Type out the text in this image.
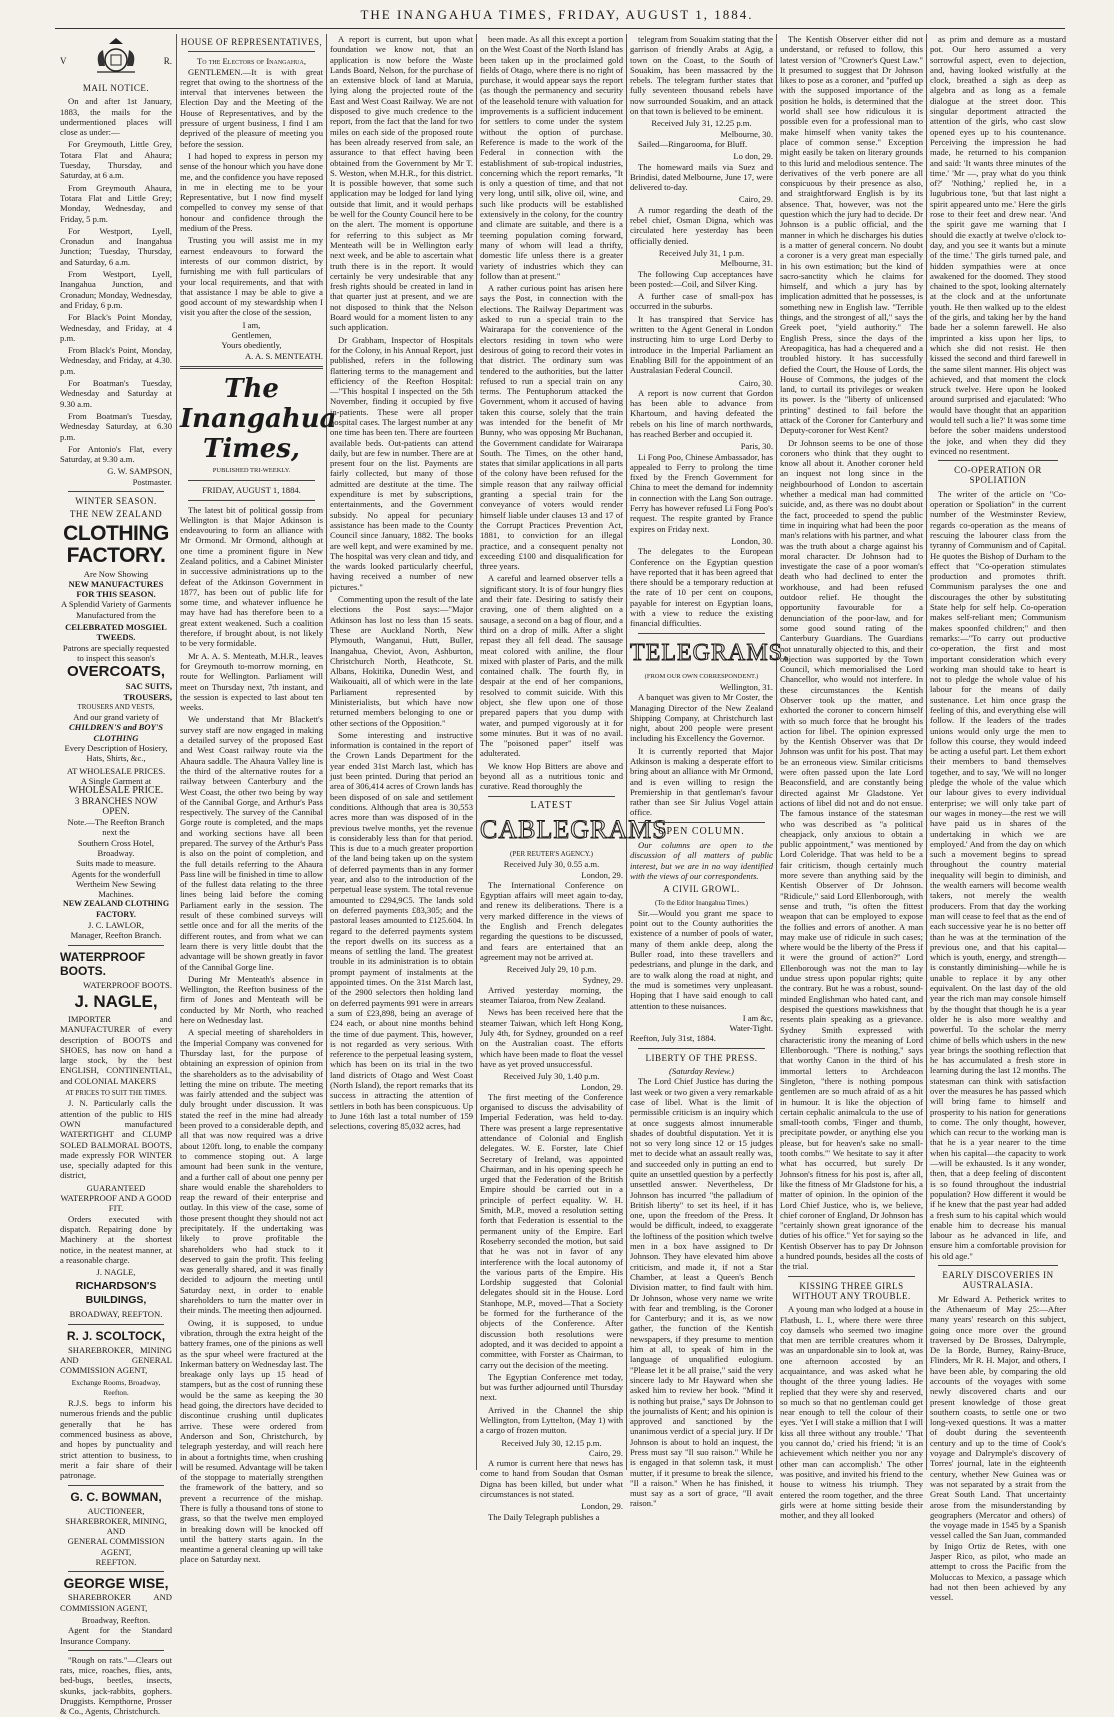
THE INANGAHUA TIMES, FRIDAY, AUGUST 1, 1884.
V	R.
MAIL NOTICE.

On and after 1st January, 1883, the mails for the undermentioned places will close as under:—

For Greymouth, Little Grey, Totara Flat and Ahaura; Tuesday, Thursday, and Saturday, at 6 a.m.

From Greymouth Ahaura, Totara Flat and Little Grey; Monday, Wednesday, and Friday, 5 p.m.

For Westport, Lyell, Cronadun and Inangahua Junction; Tuesday, Thursday, and Saturday, 6 a.m.

From Westport, Lyell, Inangahua Junction, and Cronadun; Monday, Wednesday, and Friday, 6 p.m.

For Black's Point Monday, Wednesday, and Friday, at 4 p.m.

From Black's Point, Monday, Wednesday, and Friday, at 4.30. p.m.

For Boatman's Tuesday, Wednesday and Saturday at 9.30 a.m.

From Boatman's Tuesday, Wednesday Saturday, at 6.30 p.m.

For Antonio's Flat, every Saturday, at 9.30 a.m.

G. W. SAMPSON,
Postmaster.
WINTER SEASON.
THE NEW ZEALAND
CLOTHING FACTORY.
Are Now Showing
NEW MANUFACTURES FOR THIS SEASON.

A Splendid Variety of Garments Manufactured from the

CELEBRATED MOSGIEL TWEEDS.

Patrons are specially requested to inspect this season's

OVERCOATS,
SAC SUITS,
TROUSERS,
TROUSERS AND VESTS,
And our grand variety of
CHILDREN'S and BOY'S CLOTHING

Every Description of Hosiery, Hats, Shirts, &c.,

AT WHOLESALE PRICES.
A Single Garment at
WHOLESALE PRICE.
3 BRANCHES NOW OPEN.
Note.—The Reefton Branch next the
Southern Cross Hotel, Broadway.
Suits made to measure.
Agents for the wonderfull
Wertheim New Sewing Machines.
NEW ZEALAND CLOTHING FACTORY.
J. C. LAWLOR,
Manager, Reefton Branch.
WATERPROOF BOOTS.
WATERPROOF BOOTS.
J. NAGLE,

IMPORTER and MANUFACTURER of every description of BOOTS and SHOES, has now on hand a large stock, by the best ENGLISH, CONTINENTIAL, and COLONIAL MAKERS

AT PRICES TO SUIT THE TIMES.

J. N. Particularly calls the attention of the public to HIS OWN manufactured WATERTIGHT and CLUMP SOLED BALMORAL BOOTS, made expressly FOR WINTER use, specially adapted for this district,

GUARANTEED WATERPROOF AND A GOOD FIT.

Orders executed with dispatch. Repairing done by Machinery at the shortest notice, in the neatest manner, at a reasonable charge.

J. NAGLE,
RICHARDSON'S BUILDINGS,
BROADWAY, REEFTON.
R. J. SCOLTOCK,

SHAREBROKER, MINING AND GENERAL COMMISSION AGENT,

Exchange Rooms, Broadway, Reefton.

R.J.S. begs to inform his numerous friends and the public generally that he has commenced business as above, and hopes by punctuality and strict attention to business, to merit a fair share of their patronage.

G. C. BOWMAN,
AUCTIONEER,
SHAREBROKER, MINING, AND
GENERAL COMMISSION
AGENT,
REEFTON.
GEORGE WISE,

SHAREBROKER AND COMMISSION AGENT,

Broadway, Reefton.

Agent for the Standard Insurance Company.

"Rough on rats."—Clears out rats, mice, roaches, flies, ants, bed-bugs, beetles, insects, skunks, jack-rabbits, gophers. Druggists. Kempthorne, Prosser & Co., Agents, Christchurch.

HOUSE OF REPRESENTATIVES,
To the Electors of Inangahua,

GENTLEMEN.—It is with great regret that owing to the shortness of the interval that intervenes between the Election Day and the Meeting of the House of Representatives, and by the pressure of urgent business, I find I am deprived of the pleasure of meeting you before the session.

I had hoped to express in person my sense of the honour which you have done me, and the confidence you have reposed in me in electing me to be your Representative, but I now find myself compelled to convey my sense of that honour and confidence through the medium of the Press.

Trusting you will assist me in my earnest endeavours to forward the interests of our common district, by furnishing me with full particulars of your local requirements, and that with that assistance I may be able to give a good account of my stewardship when I visit you after the close of the session,

I am,
Gentlemen,
Yours obediently,
A. A. S. MENTEATH.
The Inangahua Times,
PUBLISHED TRI-WEEKLY.
FRIDAY, AUGUST 1, 1884.

The latest bit of political gossip from Wellington is that Major Atkinson is endeavouring to form an alliance with Mr Ormond. Mr Ormond, although at one time a prominent figure in New Zealand politics, and a Cabinet Minister in successive administrations up to the defeat of the Atkinson Government in 1877, has been out of public life for some time, and whatever influence he may have had has therefore been to a great extent weakened. Such a coalition therefore, if brought about, is not likely to be very formidable.

Mr A. A. S. Menteath, M.H.R., leaves for Greymouth to-morrow morning, en route for Wellington. Parliament will meet on Thursday next, 7th instant, and the session is expected to last about ten weeks.

We understand that Mr Blackett's survey staff are now engaged in making a detailed survey of the proposed East and West Coast railway route via the Ahaura saddle. The Ahaura Valley line is the third of the alternative routes for a railway between Canterbury and the West Coast, the other two being by way of the Cannibal Gorge, and Arthur's Pass respectively. The survey of the Cannibal Gorge route is completed, and the maps and working sections have all been prepared. The survey of the Arthur's Pass is also on the point of completion, and the full details referring to the Ahaura Pass line will be finished in time to allow of the fullest data relating to the three lines being laid before the coming Parliament early in the session. The result of these combined surveys will settle once and for all the merits of the different routes, and from what we can learn there is very little doubt that the advantage will be shown greatly in favor of the Cannibal Gorge line.

During Mr Menteath's absence in Wellington, the Reefton business of the firm of Jones and Menteath will be conducted by Mr North, who reached here on Wednesday last.

A special meeting of shareholders in the Imperial Company was convened for Thursday last, for the purpose of obtaining an expression of opinion from the shareholders as to the advisability of letting the mine on tribute. The meeting was fairly attended and the subject was duly brought under discussion. It was stated the reef in the mine had already been proved to a considerable depth, and all that was now required was a drive about 120ft. long, to enable the company to commence stoping out. A large amount had been sunk in the venture, and a further call of about one penny per share would enable the shareholders to reap the reward of their enterprise and outlay. In this view of the case, some of those present thought they should not act precipitately. If the undertaking was likely to prove profitable the shareholders who had stuck to it deserved to gain the profit. This feeling was generally shared, and it was finally decided to adjourn the meeting until Saturday next, in order to enable shareholders to turn the matter over in their minds. The meeting then adjourned.

Owing, it is supposed, to undue vibration, through the extra height of the battery frames, one of the pinions as well as the spur wheel were fractured at the Inkerman battery on Wednesday last. The breakage only lays up 15 head of stampers, but as the cost of running these would be the same as keeping the 30 head going, the directors have decided to discontinue crushing until duplicates arrive. These were ordered from Anderson and Son, Christchurch, by telegraph yesterday, and will reach here in about a fortnights time, when crushing will be resumed. Advantage will be taken of the stoppage to materially strengthen the framework of the battery, and so prevent a recurrence of the mishap. There is fully a thousand tons of stone to grass, so that the twelve men employed in breaking down will be knocked off until the battery starts again. In the meantime a general cleaning up will take place on Saturday next.

A report is current, but upon what foundation we know not, that an application is now before the Waste Lands Board, Nelson, for the purchase of an extensive block of land at Maruia, lying along the projected route of the East and West Coast Railway. We are not disposed to give much credence to the report, from the fact that the land for two miles on each side of the proposed route has been already reserved from sale, an assurance to that effect having been obtained from the Government by Mr T. S. Weston, when M.H.R., for this district. It is possible however, that some such application may be lodged for land lying outside that limit, and it would perhaps be well for the County Council here to be on the alert. The moment is opportune for referring to this subject as Mr Menteath will be in Wellington early next week, and be able to ascertain what truth there is in the report. It would certainly be very undesirable that any fresh rights should be created in land in that quarter just at present, and we are not disposed to think that the Nelson Board would for a moment listen to any such application.

Dr Grabham, Inspector of Hospitals for the Colony, in his Annual Report, just published, refers in the following flattering terms to the management and efficiency of the Reefton Hospital:—"This hospital I inspected on the 5th November, finding it occupied by five in-patients. These were all proper hospital cases. The largest number at any one time has been ten. There are fourteen available beds. Out-patients can attend daily, but are few in number. There are at present four on the list. Payments are fairly collected, but many of those admitted are destitute at the time. The expenditure is met by subscriptions, entertainments, and the Government subsidy. No appeal for pecuniary assistance has been made to the County Council since January, 1882. The books are well kept, and were examined by me. The hospital was very clean and tidy, and the wards looked particularly cheerful, having received a number of new pictures."

Commenting upon the result of the late elections the Post says:—"Major Atkinson has lost no less than 15 seats. These are Auckland North, New Plymouth, Wanganui, Hutt, Buller, Inangahua, Cheviot, Avon, Ashburton, Christchurch North, Heathcote, St. Albans, Hokitika, Dunedin West, and Waikouaiti, all of which were in the late Parliament represented by Ministerialists, but which have now returned members belonging to one or other sections of the Opposition."

Some interesting and instructive information is contained in the report of the Crown Lands Department for the year ended 31st March last, which has just been printed. During that period an area of 306,414 acres of Crown lands has been disposed of on sale and settlement conditions. Although that area is 30,553 acres more than was disposed of in the previous twelve months, yet the revenue is considerably less than for that period. This is due to a much greater proportion of the land being taken up on the system of deferred payments than in any former year, and also to the introduction of the perpetual lease system. The total revenue amounted to £294,9C5. The lands sold on deferred payments £83,305; and the pastoral leases amounted to £125.604. In regard to the deferred payments system the report dwells on its success as a means of settling the land. The greatest trouble in its administration is to obtain prompt payment of instalments at the appointed times. On the 31st March last, of the 2900 selectors then holding land on deferred payments 991 were in arrears a sum of £23,898, being an average of £24 each, or about nine months behind the time of due payment. This, however, is not regarded as very serious. With reference to the perpetual leasing system, which has been on its trial in the two land districts of Otago and West Coast (North Island), the report remarks that its success in attracting the attention of settlers in both has been conspicuous. Up to June 16th last a total number of 159 selections, covering 85,032 acres, had

been made. As all this except a portion on the West Coast of the North Island has been taken up in the proclaimed gold fields of Otago, where there is no right of purchase, it would appear says the report (as though the permanency and security of the leasehold tenure with valuation for improvements is a sufficient inducement for settlers to come under the system without the option of purchase. Reference is made to the work of the Federal in connection with the establishment of sub-tropical industries, concerning which the report remarks, "It is only a question of time, and that not very long, until silk, olive oil, wine, and such like products will be established extensively in the colony, for the country and climate are suitable, and there is a teeming population coming forward, many of whom will lead a thrifty, domestic life unless there is a greater variety of industries which they can follow than at present."

A rather curious point has arisen here says the Post, in connection with the elections. The Railway Department was asked to run a special train to the Wairarapa for the convenience of the electors residing in town who were desirous of going to record their votes in that district. The ordinary sum was tendered to the authorities, but the latter refused to run a special train on any terms. The Pentuphorum attacked the Government, whom it accused of having taken this course, solely that the train was intended for the benefit of Mr Bunny, who was opposing Mr Buchanan, the Government candidate for Wairarapa South. The Times, on the other hand, states that similar applications in all parts of the colony have been refused for the simple reason that any railway official granting a special train for the conveyance of voters would render himself liable under clauses 13 and 17 of the Corrupt Practices Prevention Act, 1881, to conviction for an illegal practice, and a consequent penalty not exceeding £100 and disqualification for three years.

A careful and learned observer tells a significant story. It is of four hungry flies and their fate. Desiring to satisfy their craving, one of them alighted on a sausage, a second on a bag of flour, and a third on a drop of milk. After a slight repast they all fell dead. The sausage meat colored with aniline, the flour mixed with plaster of Paris, and the milk contained chalk. The fourth fly, in despair at the end of her companions, resolved to commit suicide. With this object, she flew upon one of those prepared papers that you dump with water, and pumped vigorously at it for some minutes. But it was of no avail. The "poisoned paper" itself was adulterated.

We know Hop Bitters are above and beyond all as a nutritious tonic and curative. Read thoroughly the

LATEST
CABLEGRAMS
(PER REUTER'S AGENCY.)
Received July 30, 0.55 a.m.
London, 29.

The International Conference on Egyptian affairs will meet again to-day, and renew its deliberations. There is a very marked difference in the views of the English and French delegates regarding the questions to be discussed, and fears are entertained that an agreement may not be arrived at.

Received July 29, 10 p.m.
Sydney, 29.

Arrived yesterday morning, the steamer Taiaroa, from New Zealand.

News has been received here that the steamer Taiwan, which left Hong Kong, July 4th, for Sydney, grounded on a reef on the Australian coast. The efforts which have been made to float the vessel have as yet proved unsuccessful.

Received July 30, 1.40 p.m.
London, 29.

The first meeting of the Conference organised to discuss the advisability of Imperial Federation, was held to-day. There was present a large representative attendance of Colonial and English delegates. W. E. Forster, late Chief Secretary of Ireland, was appointed Chairman, and in his opening speech he urged that the Federation of the British Empire should be carried out in a principle of perfect equality. W. H. Smith, M.P., moved a resolution setting forth that Federation is essential to the permanent unity of the Empire. Earl Roseberry seconded the motion, but said that he was not in favor of any interference with the local autonomy of the various parts of the Empire. His Lordship suggested that Colonial delegates should sit in the House. Lord Stanhope, M.P., moved—That a Society be formed for the furtherance of the objects of the Conference. After discussion both resolutions were adopted, and it was decided to appoint a committee, with Forster as Chairman, to carry out the decision of the meeting.

The Egyptian Conference met today, but was further adjourned until Thursday next.

Arrived in the Channel the ship Wellington, from Lyttelton, (May 1) with a cargo of frozen mutton.

Received July 30, 12.15 p.m.
Cairo, 29.

A rumor is current here that news has come to hand from Soudan that Osman Digna has been killed, but under what circumstances is not stated.

London, 29.

The Daily Telegraph publishes a

telegram from Souakim stating that the garrison of friendly Arabs at Agig, a town on the Coast, to the South of Souakim, has been massacred by the rebels. The telegram further states that fully seventeen thousand rebels have now surrounded Souakim, and an attack on that town is believed to be eminent.

Received July 31, 12.25 p.m.
Melbourne, 30.

Sailed—Ringarooma, for Bluff.

Lo don, 29.

The homeward mails via Suez and Brindisi, dated Melbourne, June 17, were delivered to-day.

Cairo, 29.

A rumor regarding the death of the rebel chief, Osman Digna, which was circulated here yesterday has been officially denied.

Received July 31, 1 p.m.
Melbourne, 31.

The following Cup acceptances have been posted:—Coil, and Silver King.

A further case of small-pox has occurred in the suburbs.

It has transpired that Service has written to the Agent General in London instructing him to urge Lord Derby to introduce in the Imperial Parliament an Enabling Bill for the appointment of an Australasian Federal Council.

Cairo, 30.

A report is now current that Gordon has been able to advance from Khartoum, and having defeated the rebels on his line of march northwards, has reached Berber and occupied it.

Paris, 30.

Li Fong Poo, Chinese Ambassador, has appealed to Ferry to prolong the time fixed by the French Government for China to meet the demand for indemnity in connection with the Lang Son outrage. Ferry has however refused Li Fong Poo's request. The respite granted by France expires on Friday next.

London, 30.

The delegates to the European Conference on the Egyptian question have reported that it has been agreed that there should be a temporary reduction at the rate of 10 per cent on coupons, payable for interest on Egyptian loans, with a view to reduce the existing financial difficulties.

TELEGRAMS.
(FROM OUR OWN CORRESPONDENT.)
Wellington, 31.

A banquet was given to Mr Coster, the Managing Director of the New Zealand Shipping Company, at Christchurch last night, about 200 people were present including his Excellency the Governor.

It is currently reported that Major Atkinson is making a desperate effort to bring about an alliance with Mr Ormond, and is even willing to resign the Premiership in that gentleman's favour rather than see Sir Julius Vogel attain office.

OPEN COLUMN.

Our columns are open to the discussion of all matters of public interest, but we are in no way identified with the views of our correspondents.

A CIVIL GROWL.
(To the Editor Inangahua Times.)

Sir.—Would you grant me space to point out to the County authorities the existence of a number of pools of water, many of them ankle deep, along the Buller road, into these travellers and pedestrians, and plunge in the dark, and are to walk along the road at night, and the mud is sometimes very unpleasant. Hoping that I have said enough to call attention to these nuisances.

I am &c,
Water-Tight.
Reefton, July 31st, 1884.
LIBERTY OF THE PRESS.
(Saturday Review.)

The Lord Chief Justice has during the last week or two given a very remarkable case of libel. What is the limit of permissible criticism is an inquiry which at once suggests almost innumerable shades of doubtful disputation. Yet it is not so very long since 12 or 15 judges met to decide what an assault really was, and succeeded only in putting an end to quite an unsettled question by a perfectly unsettled answer. Nevertheless, Dr Johnson has incurred "the palladium of British liberty" to set its heel, if it has one, upon the freedom of the Press. It would be difficult, indeed, to exaggerate the loftiness of the position which twelve men in a box have assigned to Dr Johnson. They have elevated him above criticism, and made it, if not a Star Chamber, at least a Queen's Bench Division matter, to find fault with him. Dr Johnson, whose very name we write with fear and trembling, is the Coroner for Canterbury; and it is, as we now gather, the function of the Kentish newspapers, if they presume to mention him at all, to speak of him in the language of unqualified eulogium. "Please let it be all praise," said the very sincere lady to Mr Hayward when she asked him to review her book. "Mind it is nothing but praise," says Dr Johnson to the journalists of Kent; and his opinion is approved and sanctioned by the unanimous verdict of a special jury. If Dr Johnson is about to hold an inquest, the Press must say "Il suo raison." While he is engaged in that solemn task, it must mutter, if it presume to break the silence, "Il a raison." When he has finished, it must say as a sort of grace, "Il avait raison."

The Kentish Observer either did not understand, or refused to follow, this latest version of "Crowner's Quest Law." It presumed to suggest that Dr Johnson likes to pose as a coroner, and "puffed up with the supposed importance of the position he holds, is determined that the world shall see how ridiculous it is possible even for a professional man to make himself when vanity takes the place of common sense." Exception might easily be taken on literary grounds to this lurid and melodious sentence. The derivatives of the verb ponere are all conspicuous by their presence as also, and straightforward English is by its absence. That, however, was not the question which the jury had to decide. Dr Johnson is a public official, and the manner in which he discharges his duties is a matter of general concern. No doubt a coroner is a very great man especially in his own estimation; but the kind of sacro-sanctity which he claims for himself, and which a jury has by implication admitted that he possesses, is something new in English law. "Terrible things, and the strongest of all," says the Greek poet, "yield authority." The English Press, since the days of the Areopagitica, has had a chequered and a troubled history. It has successfully defied the Court, the House of Lords, the House of Commons, the judges of the land, to curtail its privileges or weaken its power. Is the "liberty of unlicensed printing" destined to fail before the attack of the Coroner for Canterbury and Deputy-coroner for West Kent?

Dr Johnson seems to be one of those coroners who think that they ought to know all about it. Another coroner held an inquest not long since in the neighbourhood of London to ascertain whether a medical man had committed suicide, and, as there was no doubt about the fact, proceeded to spend the public time in inquiring what had been the poor man's relations with his partner, and what was the truth about a charge against his moral character. Dr Johnson had to investigate the case of a poor woman's death who had declined to enter the workhouse, and had been refused outdoor relief. He thought the opportunity favourable for a denunciation of the poor-law, and for some good sound rating of the Canterbury Guardians. The Guardians not unnaturally objected to this, and their objection was supported by the Town Council, which memorialised the Lord Chancellor, who would not interfere. In these circumstances the Kentish Observer took up the matter, and exhorted the coroner to concern himself with so much force that he brought his action for libel. The opinion expressed by the Kentish Observer was that Dr Johnson was unfit for his post. That may be an erroneous view. Similar criticisms were often passed upon the late Lord Beaconsfield, and are constantly being directed against Mr Gladstone. Yet actions of libel did not and do not ensue. The famous instance of the statesman who was described as "a political cheapjack, only anxious to obtain a public appointment," was mentioned by Lord Coleridge. That was held to be a fair criticism, though certainly much more severe than anything said by the Kentish Observer of Dr Johnson. "Ridicule," said Lord Ellenborough, with sense and truth, "is often the fittest weapon that can be employed to expose the follies and errors of another. A man may make use of ridicule in such cases; where would be the liberty of the Press if it were the ground of action?" Lord Ellenborough was not the man to lay undue stress upon popular rights; quite the contrary. But he was a robust, sound-minded Englishman who hated cant, and despised the questions mawkishness that resents plain speaking as a grievance. Sydney Smith expressed with characteristic irony the meaning of Lord Ellenborough. "There is nothing," says that worthy Canon in the third of his immortal letters to Archdeacon Singleton, "there is nothing pompous gentlemen are so much afraid of as a hit in humour. It is like the objection of certain cephalic animalcula to the use of small-tooth combs, 'Finger and thumb, precipitate powder, or anything else you please, but for heaven's sake no small-tooth combs.'" We hesitate to say it after what has occurred, but surely Dr Johnson's fitness for his post is, after all, like the fitness of Mr Gladstone for his, a matter of opinion. In the opinion of the Lord Chief Justice, who is, we believe, chief coroner of England, Dr Johnson has "certainly shown great ignorance of the duties of his office." Yet for saying so the Kentish Observer has to pay Dr Johnson a hundred pounds, besides all the costs of the trial.

KISSING THREE GIRLS WITHOUT ANY TROUBLE.

A young man who lodged at a house in Flatbush, L. I., where there were three coy damsels who seemed two imagine that men are terrible creatures whom it was an unpardonable sin to look at, was one afternoon accosted by an acquaintance, and was asked what he thought of the three young ladies. He replied that they were shy and reserved, so much so that no gentleman could get near enough to tell the colour of their eyes. 'Yet I will stake a million that I will kiss all three without any trouble.' 'That you cannot do,' cried his friend; 'it is an achievement which neither you nor any other man can accomplish.' The other was positive, and invited his friend to the house to witness his triumph. They entered the room together, and the three girls were at home sitting beside their mother, and they all looked

as prim and demure as a mustard pot. Our hero assumed a very sorrowful aspect, even to dejection, and, having looked wistfully at the clock, breathed a sigh as deep as algebra and as long as a female dialogue at the street door. This singular deportment attracted the attention of the girls, who cast slow opened eyes up to his countenance. Perceiving the impression he had made, he returned to his companion and said: 'It wants three minutes of the time.' 'Mr —, pray what do you think of?' 'Nothing,' replied he, in a lugubrious tone, 'but that last night a spirit appeared unto me.' Here the girls rose to their feet and drew near. 'And the spirit gave me warning that I should die exactly at twelve o'clock to-day, and you see it wants but a minute of the time.' The girls turned pale, and hidden sympathies were at once awakened for the doomed. They stood chained to the spot, looking alternately at the clock and at the unfortunate youth. He then walked up to the eldest of the girls, and taking her by the hand bade her a solemn farewell. He also imprinted a kiss upon her lips, to which she did not resist. He then kissed the second and third farewell in the same silent manner. His object was achieved, and that moment the clock struck twelve. Here upon he looked around surprised and ejaculated: 'Who would have thought that an apparition would tell such a lie?' It was some time before the sober maidens understood the joke, and when they did they evinced no resentment.

CO-OPERATION OR SPOLIATION

The writer of the article on "Co-operation or Spoliation" in the current number of the Westminster Review, regards co-operation as the means of rescuing the labourer class from the tyranny of Communism and of Capital. He quotes the Bishop of Durham to the effect that "Co-operation stimulates production and promotes thrift. Communism paralyses the one and discourages the other by substituting State help for self help. Co-operation makes self-reliant men; Communism makes spoonfed children;" and then remarks:—"To carry out productive co-operation, the first and most important consideration which every working man should take to heart is not to pledge the whole value of his labour for the means of daily sustenance. Let him once grasp the feeling of this, and everything else will follow. If the leaders of the trades unions would only urge the men to follow this course, they would indeed be acting a useful part. Let them exhort their members to band themselves together, and to say, 'We will no longer pledge the whole of the value which our labour gives to every individual enterprise; we will only take part of our wages in money—the rest we will have paid us in shares of the undertaking in which we are employed.' And from the day on which such a movement begins to spread throughout the country material inequality will begin to diminish, and the wealth earners will become wealth takers, not merely the wealth producers. From that day the working man will cease to feel that as the end of each successive year he is no better off than he was at the termination of the previous one, and that his capital—which is youth, energy, and strength—is constantly diminishing—while he is unable to replace it by any other equivalent. On the last day of the old year the rich man may console himself by the thought that though he is a year older he is also more wealthy and powerful. To the scholar the merry chime of bells which ushers in the new year brings the soothing reflection that he has accumulated a fresh store in learning during the last 12 months. The statesman can think with satisfaction over the measures he has passed which will bring fame to himself and prosperity to his nation for generations to come. The only thought, however, which can recur to the working man is that he is a year nearer to the time when his capital—the capacity to work—will be exhausted. Is it any wonder, then, that a deep feeling of discontent is so found throughout the industrial population? How different it would be if he knew that the past year had added a fresh sum to his capital which would enable him to decrease his manual labour as he advanced in life, and ensure him a comfortable provision for his old age."

EARLY DISCOVERIES IN AUSTRALASIA.

Mr Edward A. Petherick writes to the Athenaeum of May 25:—After many years' research on this subject, going once more over the ground traversed by De Brosses, Dalrymple, De la Borde, Burney, Rainy-Bruce, Flinders, Mr R. H. Major, and others, I have been able, by comparing the old accounts of the voyages with some newly discovered charts and our present knowledge of those great southern coasts, to settle one or two long-vexed questions. It was a matter of doubt during the seventeenth century and up to the time of Cook's voyage and Dalrymple's discovery of Torres' journal, late in the eighteenth century, whether New Guinea was or was not separated by a strait from the Great South Land. That uncertainty arose from the misunderstanding by geographers (Mercator and others) of the voyage made in 1545 by a Spanish vessel called the San Juan, commanded by Inigo Ortiz de Retes, with one Jasper Rico, as pilot, who made an attempt to cross the Pacific from the Moluccas to Mexico, a passage which had not then been achieved by any vessel.
